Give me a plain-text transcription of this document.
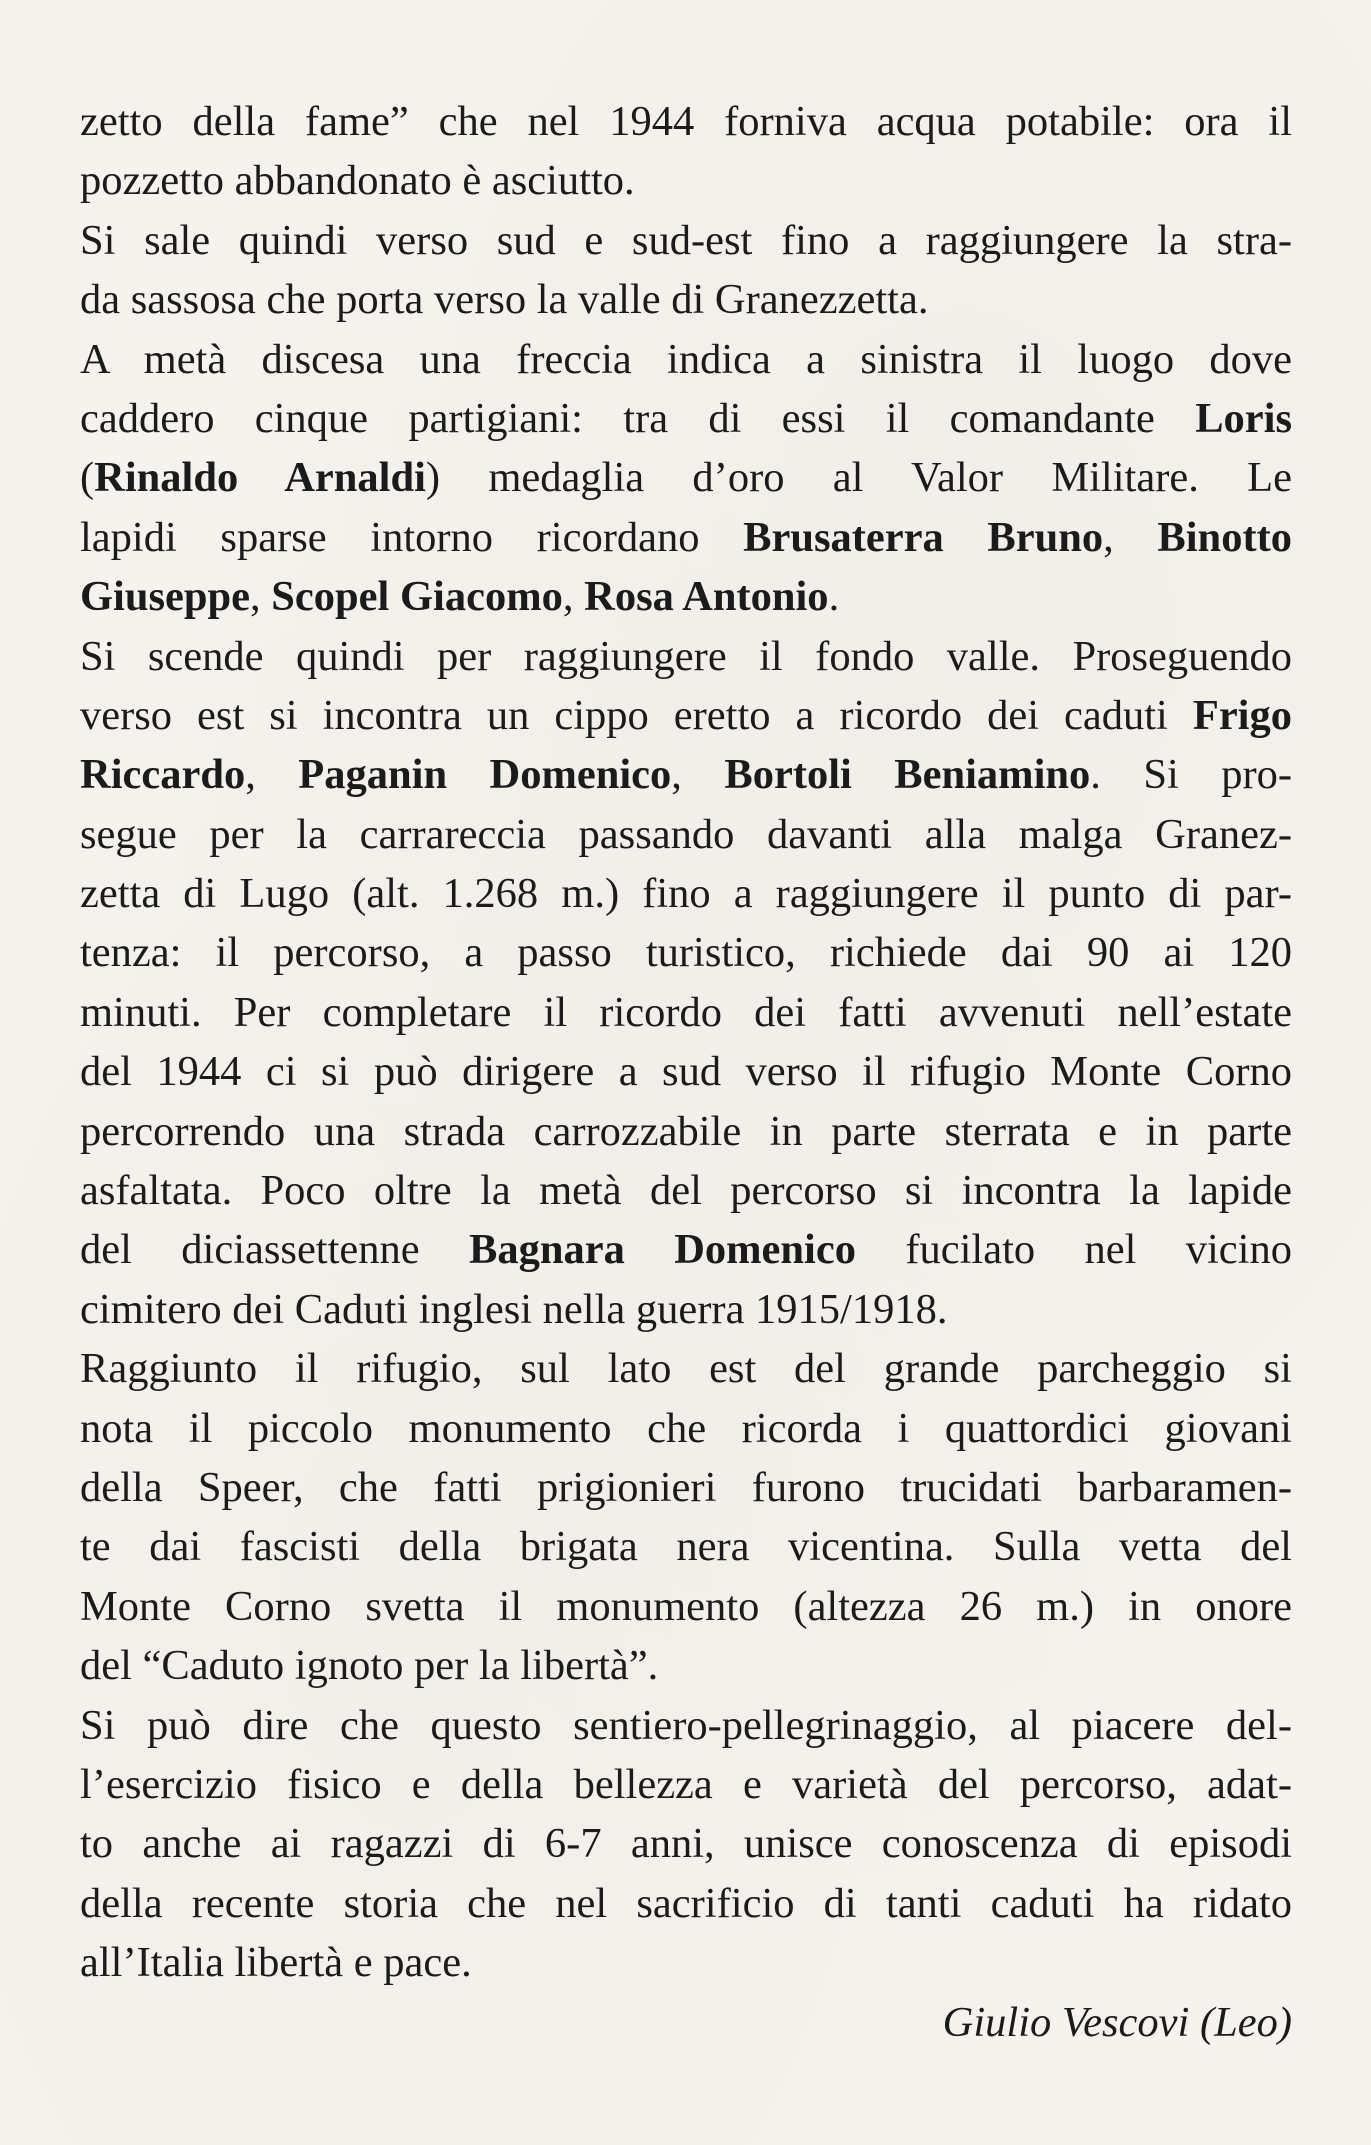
zetto della fame” che nel 1944 forniva acqua potabile: ora il
pozzetto abbandonato è asciutto.
Si sale quindi verso sud e sud-est fino a raggiungere la stra-
da sassosa che porta verso la valle di Granezzetta.
A metà discesa una freccia indica a sinistra il luogo dove
caddero cinque partigiani: tra di essi il comandante Loris
(Rinaldo Arnaldi) medaglia d’oro al Valor Militare. Le
lapidi sparse intorno ricordano Brusaterra Bruno, Binotto
Giuseppe, Scopel Giacomo, Rosa Antonio.
Si scende quindi per raggiungere il fondo valle. Proseguendo
verso est si incontra un cippo eretto a ricordo dei caduti Frigo
Riccardo, Paganin Domenico, Bortoli Beniamino. Si pro-
segue per la carrareccia passando davanti alla malga Granez-
zetta di Lugo (alt. 1.268 m.) fino a raggiungere il punto di par-
tenza: il percorso, a passo turistico, richiede dai 90 ai 120
minuti. Per completare il ricordo dei fatti avvenuti nell’estate
del 1944 ci si può dirigere a sud verso il rifugio Monte Corno
percorrendo una strada carrozzabile in parte sterrata e in parte
asfaltata. Poco oltre la metà del percorso si incontra la lapide
del diciassettenne Bagnara Domenico fucilato nel vicino
cimitero dei Caduti inglesi nella guerra 1915/1918.
Raggiunto il rifugio, sul lato est del grande parcheggio si
nota il piccolo monumento che ricorda i quattordici giovani
della Speer, che fatti prigionieri furono trucidati barbaramen-
te dai fascisti della brigata nera vicentina. Sulla vetta del
Monte Corno svetta il monumento (altezza 26 m.) in onore
del “Caduto ignoto per la libertà”.
Si può dire che questo sentiero-pellegrinaggio, al piacere del-
l’esercizio fisico e della bellezza e varietà del percorso, adat-
to anche ai ragazzi di 6-7 anni, unisce conoscenza di episodi
della recente storia che nel sacrificio di tanti caduti ha ridato
all’Italia libertà e pace.
Giulio Vescovi (Leo)
